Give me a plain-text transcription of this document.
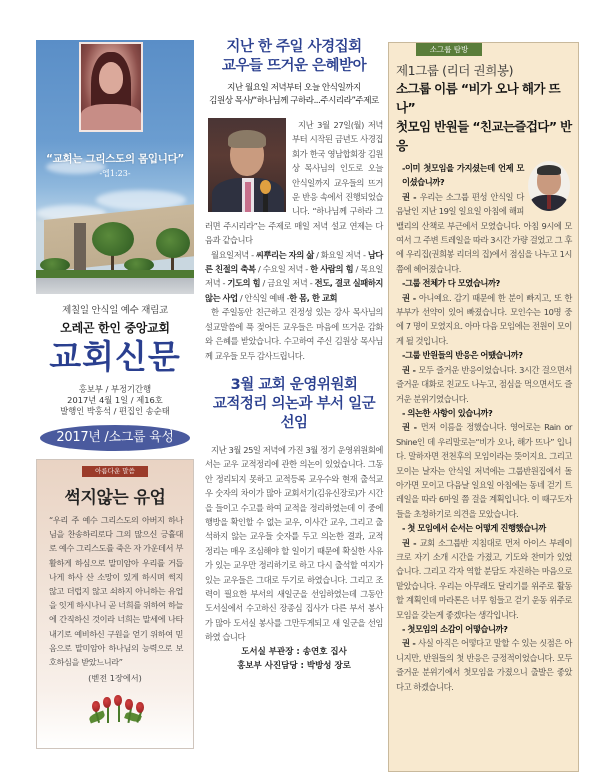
“교회는 그리스도의 몸입니다”
-엡1:23-
제칠일 안식일 예수 재림교
오레곤 한인 중앙교회
교회신문
홍보부 / 부정기간행
2017년 4월 1일 / 제16호
발행인 박홍석 / 편집인 송순태
2017년 /소그룹 육성
아름다운 말씀
썩지않는 유업
“우리 주 예수 그리스도의 아버지 하나님을 찬송하리로다 그의 많으신 긍휼대로 예수 그리스도를 죽은 자 가운데서 부활하게 하심으로 말미암아 우리를 거듭나게 하사 산 소망이 있게 하시며 썩지 않고 더럽지 않고 쇠하지 아니하는 유업을 잇게 하시나니 곧 너희를 위하여 하늘에 간직하신 것이라 너희는 말세에 나타내기로 예비하신 구원을 얻기 위하여 믿음으로 말미암아 하나님의 능력으로 보호하심을 받았느니라”
(벧전 1장에서)
지난 한 주일 사경집회
교우들 뜨거운 은혜받아
지난 월요일 저녁부터 오늘 안식일까지
김원상 목사/“하나님께 구하라...주시리라”주제로

지난 3월 27일(월) 저녁 부터 시작된 금년도 사경집회가 한국 영남합회장 김원상 목사님의 인도로 오늘 안식일까지 교우들의 뜨거운 반응 속에서 진행되었습니다. “하나님께 구하라 그러면 주시리라”는 주제로 매일 저녁 설교 연제는 다음과 같습니다

월요일저녁 - 씨뿌리는 자의 삶 / 화요일 저녁 - 남다른 친절의 축복 / 수요일 저녁 - 한 사람의 힘 / 목요일 저녁 - 기도의 힘 / 금요일 저녁 - 전도, 결코 실패하지 않는 사업 / 안식일 예배 -한 몸, 한 교회

한 주일동안 친근하고 진정성 있는 강사 목사님의 설교말씀에 푹 젖어든 교우들은 마음에 뜨거운 감화와 은혜를 받았습니다. 수고하여 주신 김원상 목사님께 교우들 모두 감사드립니다.

3월 교회 운영위원회
교적정리 의논과 부서 일군 선임

지난 3월 25일 저녁에 가진 3월 정기 운영위원회에서는 교우 교적정리에 관한 의논이 있었습니다. 그동안 정리되지 못하고 교적등록 교우수와 현재 출석교우 숫자의 차이가 많아 교회서기(김유신장로)가 시간을 들이고 수고를 하여 교적을 정리하였는데 이 중에 행방을 확인할 수 없는 교우, 이사간 교우, 그리고 출석하지 않는 교우들 숫자를 두고 의논한 결과, 교적 정리는 매우 조심해야 할 일이기 때문에 확실한 사유가 있는 교우만 정리하기로 하고 다시 출석할 여지가 있는 교우들은 그대로 두기로 하였습니다. 그리고 조력이 필요한 부서의 새일군을 선임하였는데 그동안 도서실에서 수고하신 장종심 집사가 다른 부서 봉사가 많아 도서실 봉사를 그만두게되고 새 일군을 선임하였 습니다

도서실 부관장 : 송연호 집사
홍보부 사진담당 : 박방성 장로
소그룹 탐방
제1그룹 (리더 권희봉)
소그룹 이름 “비가 오나 해가 뜨나”
첫모임 반원들 “친교는즐겁다” 반응
-이미 첫모임을 가지셨는데 언제 모이셨습니까?
권 - 우리는 소그룹 편성 안식일 다음날인 지난 19일 일요일 아침에 해피밸리의 산책로 부근에서 모였습니다. 아침 9시에 모여서 그 주변 트레일을 따라 3시간 가량 걸었고 그 후에 우리집(권희봉 리더의 집)에서 점심을 나누고 1시 쯤에 헤어졌습니다.
-그룹 전체가 다 모였습니까?
권 - 아니예요. 감기 때문에 한 분이 빠지고, 또 한 부부가 선약이 있어 빠졌습니다. 모인수는 10명 중에 7 명이 모였지요. 아마 다음 모임에는 전원이 모이게 될 것입니다.
-그룹 반원들의 반응은 어땠습니까?
권 - 모두 즐거운 반응이었습니다. 3시간 걸으면서 즐거운 대화로 친교도 나누고, 점심을 먹으면서도 즐거운 분위기였습니다.
- 의논한 사항이 있습니까?
권 - 먼저 이름을 정했습니다. 영어로는 Rain or Shine인 데 우리말로는“비가 오나, 해가 뜨나” 입니다. 말하자면 전천후의 모임이라는 뜻이지요. 그리고 모이는 날자는 안식일 저녁에는 그룹반원집에서 돌아가면 모이고 다음날 일요일 아침에는 동네 걷기 트레일을 따라 6마일 쯤 걸을 계획입니다. 이 때구도자들을 초청하기로 의견을 모았습니다.
- 첫 모임에서 순서는 어떻게 진행했습니까
권 - 교회 소그룹반 지침대로 먼저 아이스 부레이크로 자기 소개 시간을 가졌고, 기도와 찬미가 있었습니다. 그리고 각자 역할 분담도 자진하는 마음으로 맡았습니다. 우리는 아무래도 달리기를 위주로 활동할 계획인데 마라톤은 너무 힘들고 걷기 운동 위주로 모임을 갖는게 좋겠다는 생각입니다.
- 첫모임의 소감이 어떻습니까?
권 - 사실 아직은 어떻다고 말할 수 있는 싯점은 아니지만, 반원들의 첫 반응은 긍정적이었습니다. 모두 즐거운 분위기에서 첫모임을 가졌으니 출발은 좋았다고 하겠습니다.
